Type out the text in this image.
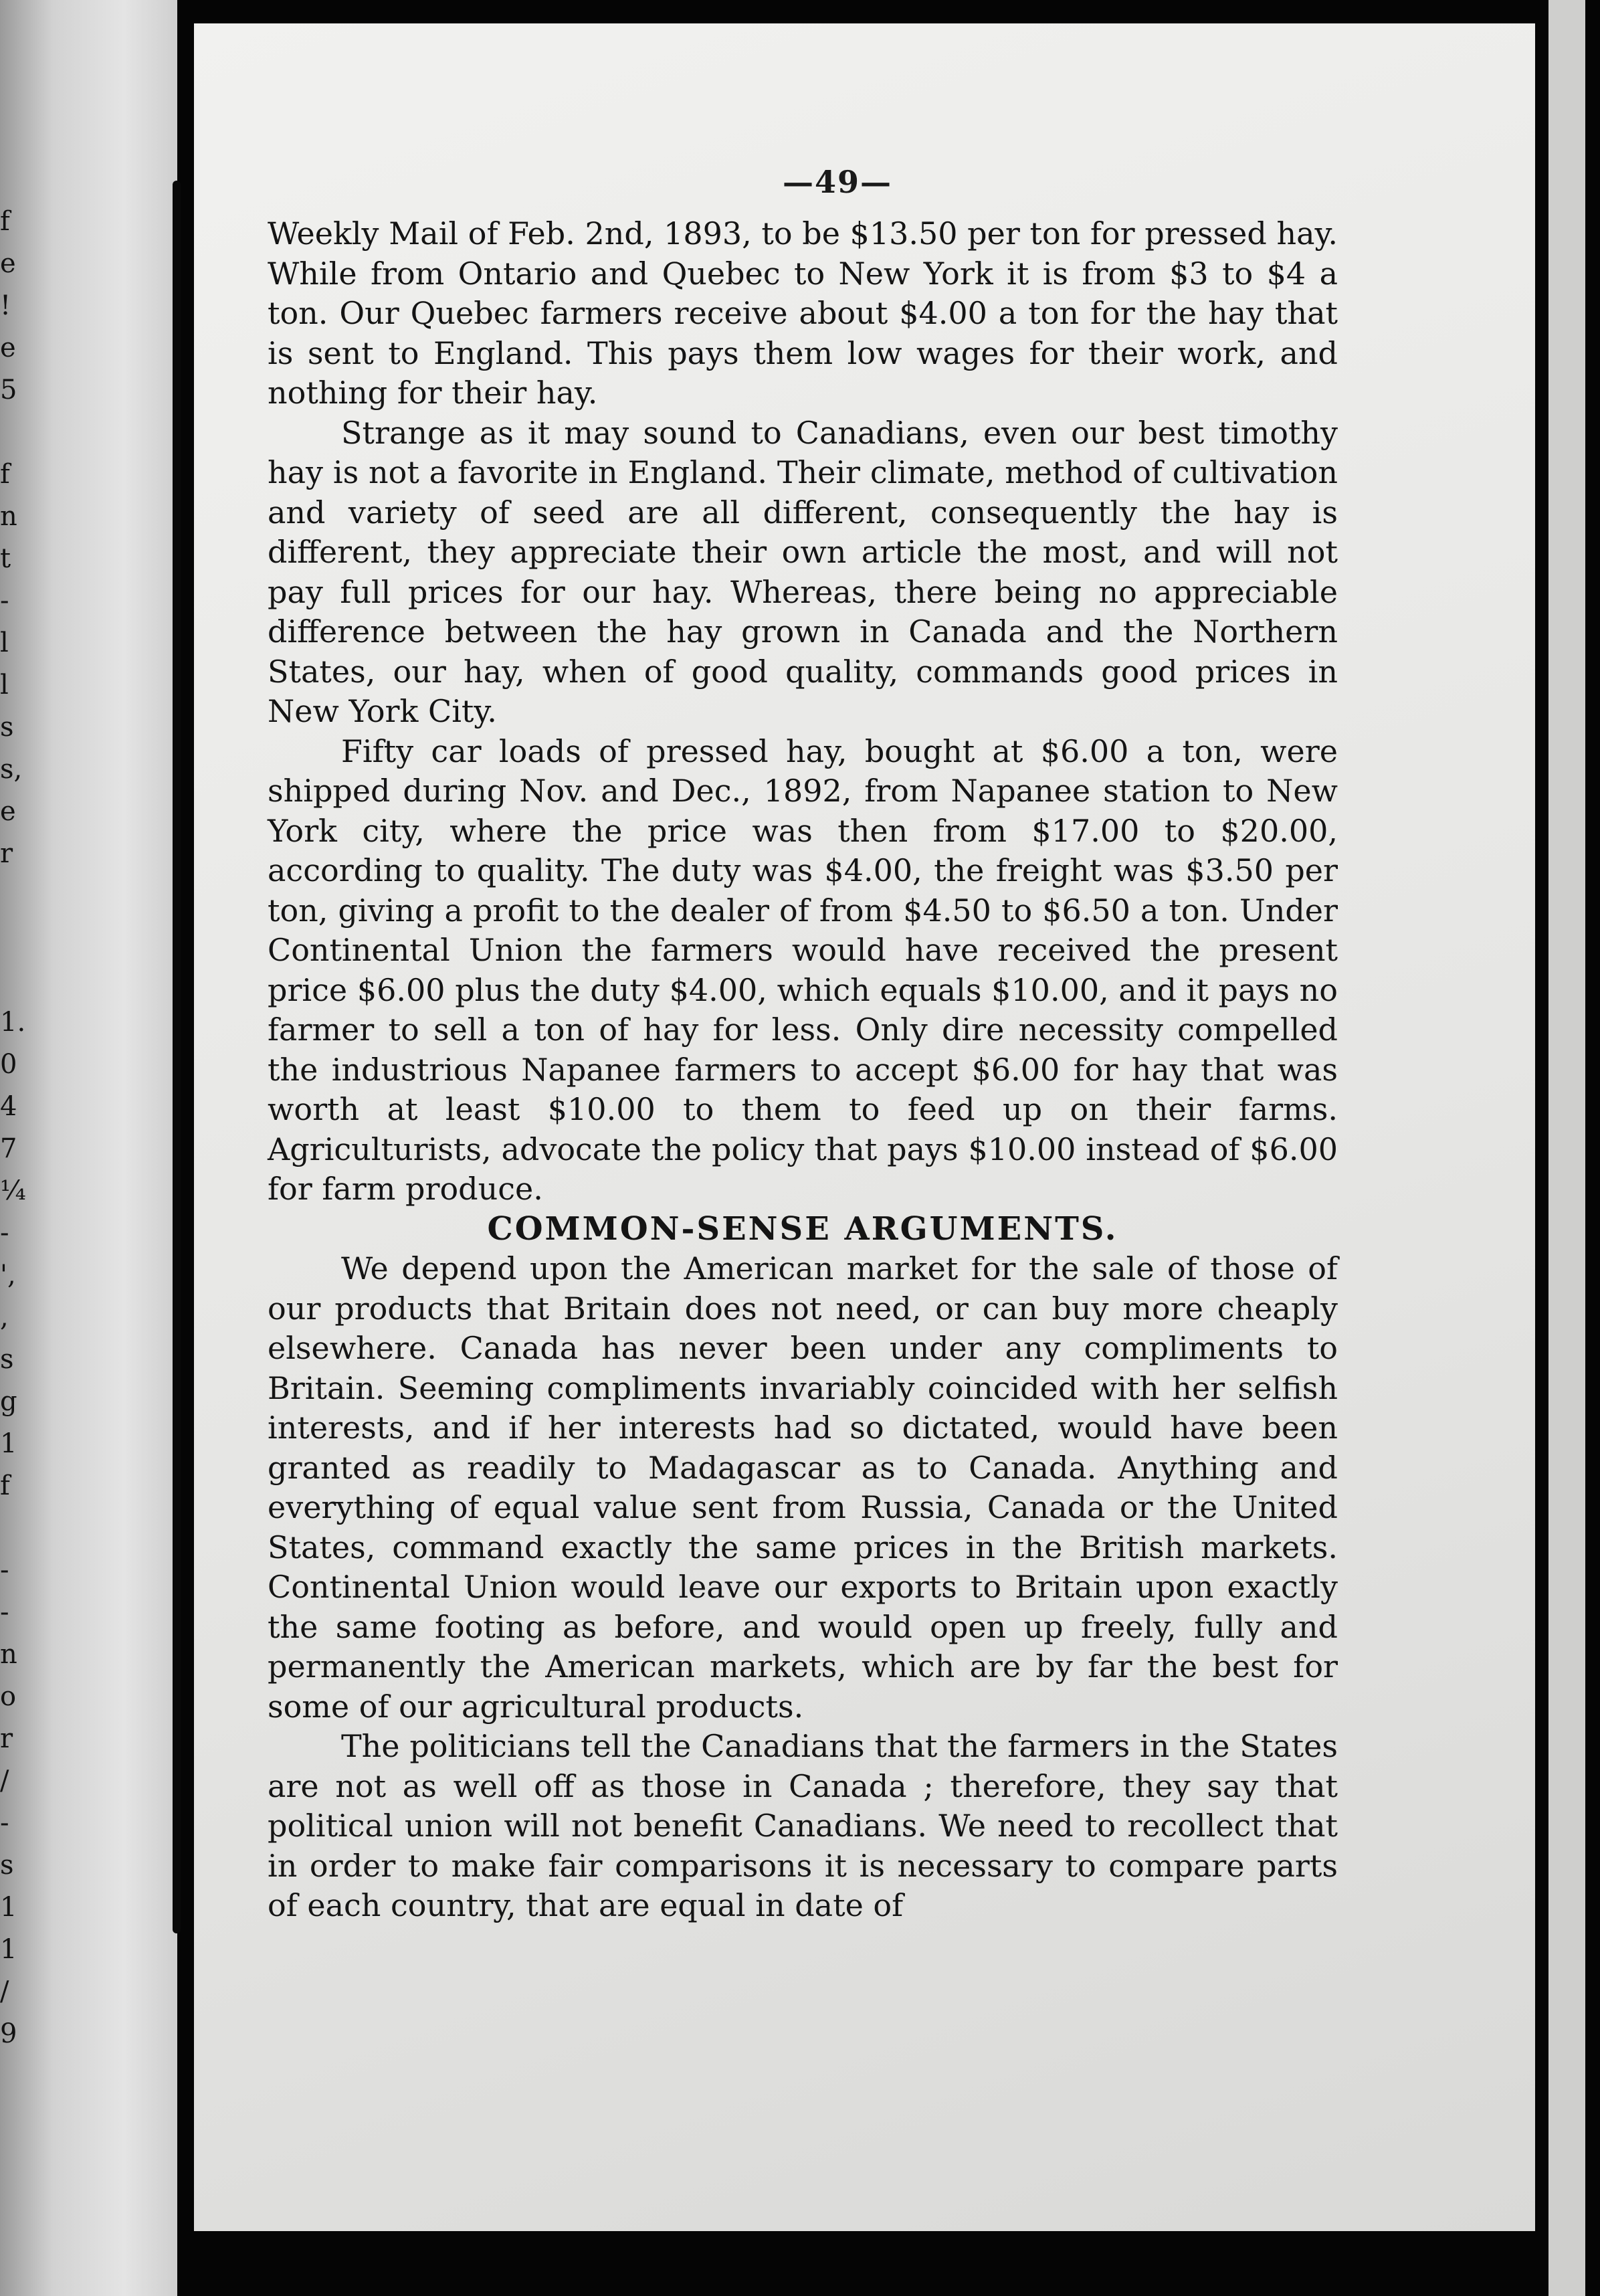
f
e
!
e
5
f
n
t
-
l
l
s
s,
e
r
1.
0
4
7
¼
-
',
,
s
g
1
f
-
-
n
o
r
/
-
s
1
1
/
9
—49—

Weekly Mail of Feb. 2nd, 1893, to be $13.50 per ton for pressed hay. While from Ontario and Quebec to New York it is from $3 to $4 a ton. Our Quebec farmers receive about $4.00 a ton for the hay that is sent to England. This pays them low wages for their work, and nothing for their hay.

Strange as it may sound to Canadians, even our best timothy hay is not a favorite in England. Their climate, method of cultivation and variety of seed are all different, consequently the hay is different, they appreciate their own article the most, and will not pay full prices for our hay. Whereas, there being no appreciable difference between the hay grown in Canada and the Northern States, our hay, when of good quality, commands good prices in New York City.

Fifty car loads of pressed hay, bought at $6.00 a ton, were shipped during Nov. and Dec., 1892, from Napanee station to New York city, where the price was then from $17.00 to $20.00, according to quality. The duty was $4.00, the freight was $3.50 per ton, giving a profit to the dealer of from $4.50 to $6.50 a ton. Under Continental Union the farmers would have received the present price $6.00 plus the duty $4.00, which equals $10.00, and it pays no farmer to sell a ton of hay for less. Only dire necessity compelled the industrious Napanee farmers to accept $6.00 for hay that was worth at least $10.00 to them to feed up on their farms. Agriculturists, advocate the policy that pays $10.00 instead of $6.00 for farm produce.

COMMON-SENSE ARGUMENTS.

We depend upon the American market for the sale of those of our products that Britain does not need, or can buy more cheaply elsewhere. Canada has never been under any compliments to Britain. Seeming compliments invariably coincided with her selfish interests, and if her interests had so dictated, would have been granted as readily to Madagascar as to Canada. Anything and everything of equal value sent from Russia, Canada or the United States, command exactly the same prices in the British markets. Continental Union would leave our exports to Britain upon exactly the same footing as before, and would open up freely, fully and permanently the American markets, which are by far the best for some of our agricultural products.

The politicians tell the Canadians that the farmers in the States are not as well off as those in Canada ; therefore, they say that political union will not benefit Canadians. We need to recollect that in order to make fair comparisons it is necessary to compare parts of each country, that are equal in date of
